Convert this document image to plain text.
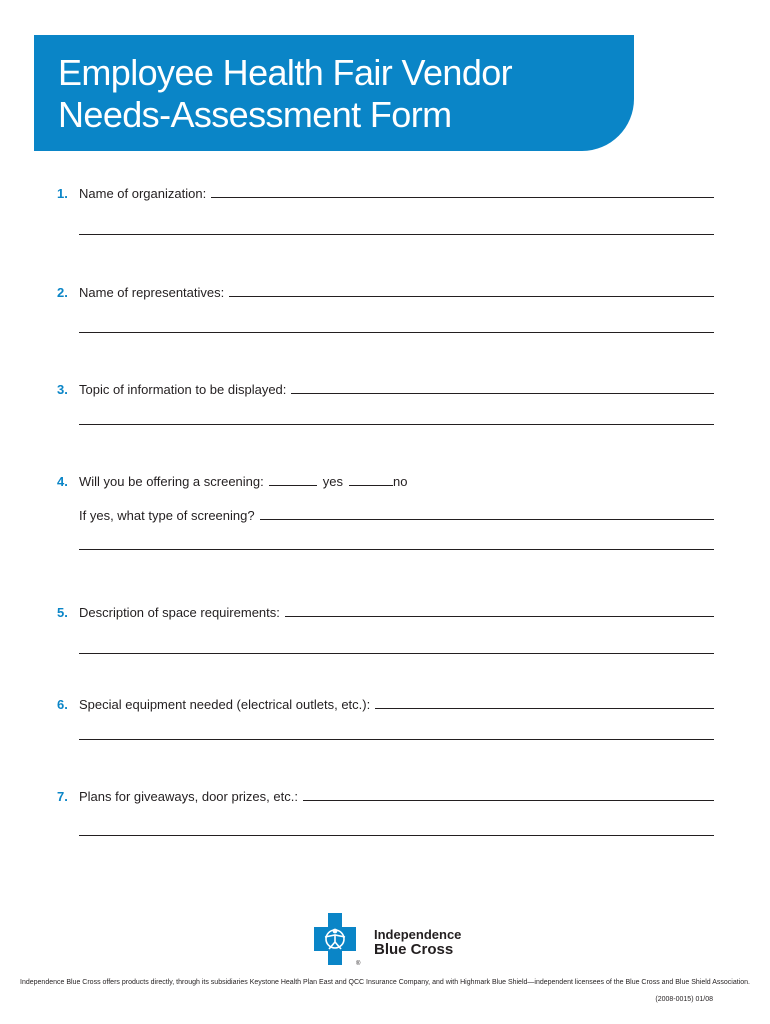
Employee Health Fair Vendor
Needs-Assessment Form
1. Name of organization:
2. Name of representatives:
3. Topic of information to be displayed:
4. Will you be offering a screening:	yes	no
If yes, what type of screening?
5. Description of space requirements:
6. Special equipment needed (electrical outlets, etc.):
7. Plans for giveaways, door prizes, etc.:
Independence
Blue Cross
®
Independence Blue Cross offers products directly, through its subsidiaries Keystone Health Plan East and QCC Insurance Company, and with Highmark Blue Shield—independent licensees of the Blue Cross and Blue Shield Association.
(2008-0015) 01/08
